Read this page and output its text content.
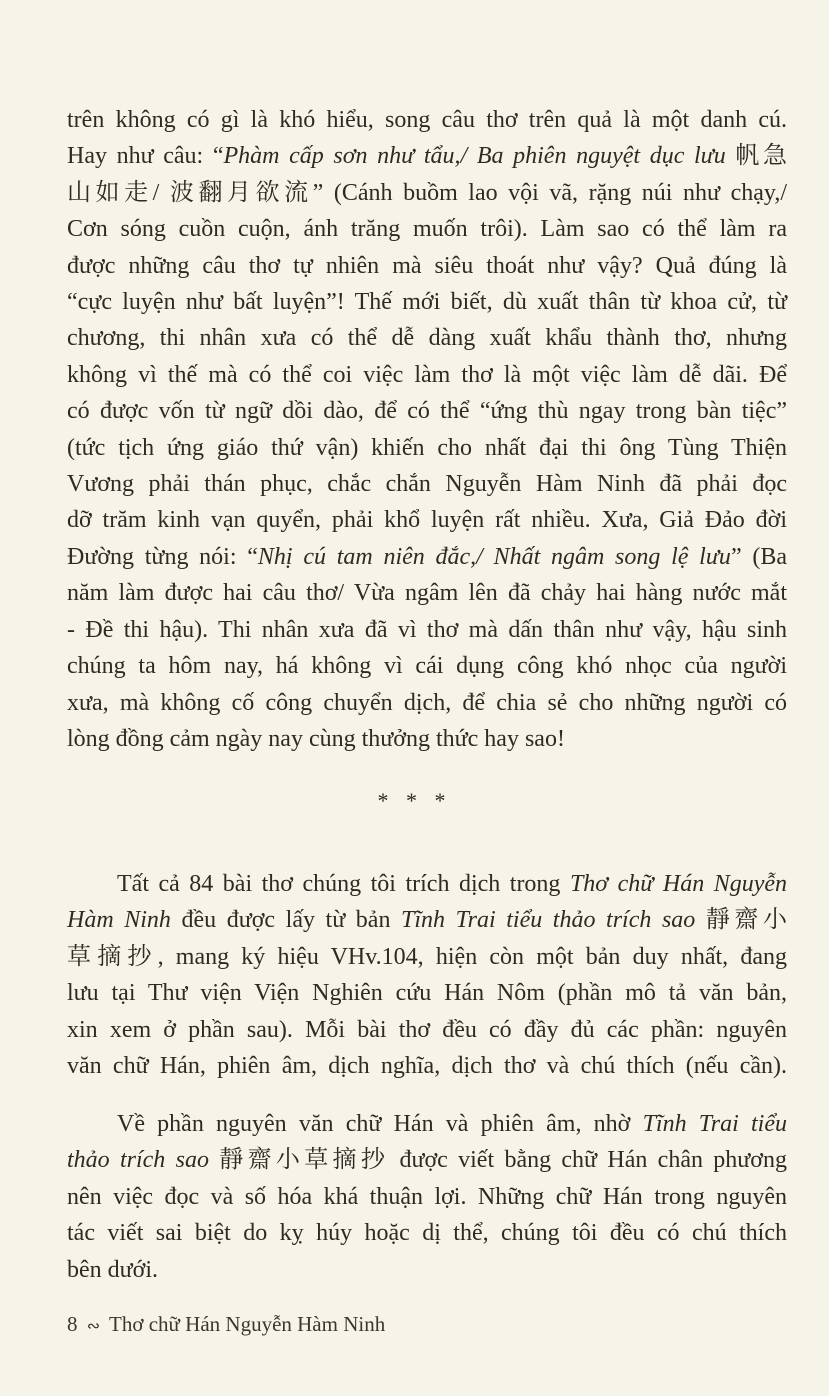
trên không có gì là khó hiểu, song câu thơ trên quả là một danh cú.
Hay như câu: “Phàm cấp sơn như tẩu,/ Ba phiên nguyệt dục lưu 帆急
山如走/ 波翻月欲流” (Cánh buồm lao vội vã, rặng núi như chạy,/
Cơn sóng cuồn cuộn, ánh trăng muốn trôi). Làm sao có thể làm ra
được những câu thơ tự nhiên mà siêu thoát như vậy? Quả đúng là
“cực luyện như bất luyện”! Thế mới biết, dù xuất thân từ khoa cử, từ
chương, thi nhân xưa có thể dễ dàng xuất khẩu thành thơ, nhưng
không vì thế mà có thể coi việc làm thơ là một việc làm dễ dãi. Để
có được vốn từ ngữ dồi dào, để có thể “ứng thù ngay trong bàn tiệc”
(tức tịch ứng giáo thứ vận) khiến cho nhất đại thi ông Tùng Thiện
Vương phải thán phục, chắc chắn Nguyễn Hàm Ninh đã phải đọc
dỡ trăm kinh vạn quyển, phải khổ luyện rất nhiều. Xưa, Giả Đảo đời
Đường từng nói: “Nhị cú tam niên đắc,/ Nhất ngâm song lệ lưu” (Ba
năm làm được hai câu thơ/ Vừa ngâm lên đã chảy hai hàng nước mắt
- Đề thi hậu). Thi nhân xưa đã vì thơ mà dấn thân như vậy, hậu sinh
chúng ta hôm nay, há không vì cái dụng công khó nhọc của người
xưa, mà không cố công chuyển dịch, để chia sẻ cho những người có
lòng đồng cảm ngày nay cùng thưởng thức hay sao!
* * *
Tất cả 84 bài thơ chúng tôi trích dịch trong Thơ chữ Hán Nguyễn
Hàm Ninh đều được lấy từ bản Tĩnh Trai tiểu thảo trích sao 靜齋小
草摘抄, mang ký hiệu VHv.104, hiện còn một bản duy nhất, đang
lưu tại Thư viện Viện Nghiên cứu Hán Nôm (phần mô tả văn bản,
xin xem ở phần sau). Mỗi bài thơ đều có đầy đủ các phần: nguyên
văn chữ Hán, phiên âm, dịch nghĩa, dịch thơ và chú thích (nếu cần).
Về phần nguyên văn chữ Hán và phiên âm, nhờ Tĩnh Trai tiểu
thảo trích sao 靜齋小草摘抄 được viết bằng chữ Hán chân phương
nên việc đọc và số hóa khá thuận lợi. Những chữ Hán trong nguyên
tác viết sai biệt do kỵ húy hoặc dị thể, chúng tôi đều có chú thích
bên dưới.
8 ∾ Thơ chữ Hán Nguyễn Hàm Ninh
